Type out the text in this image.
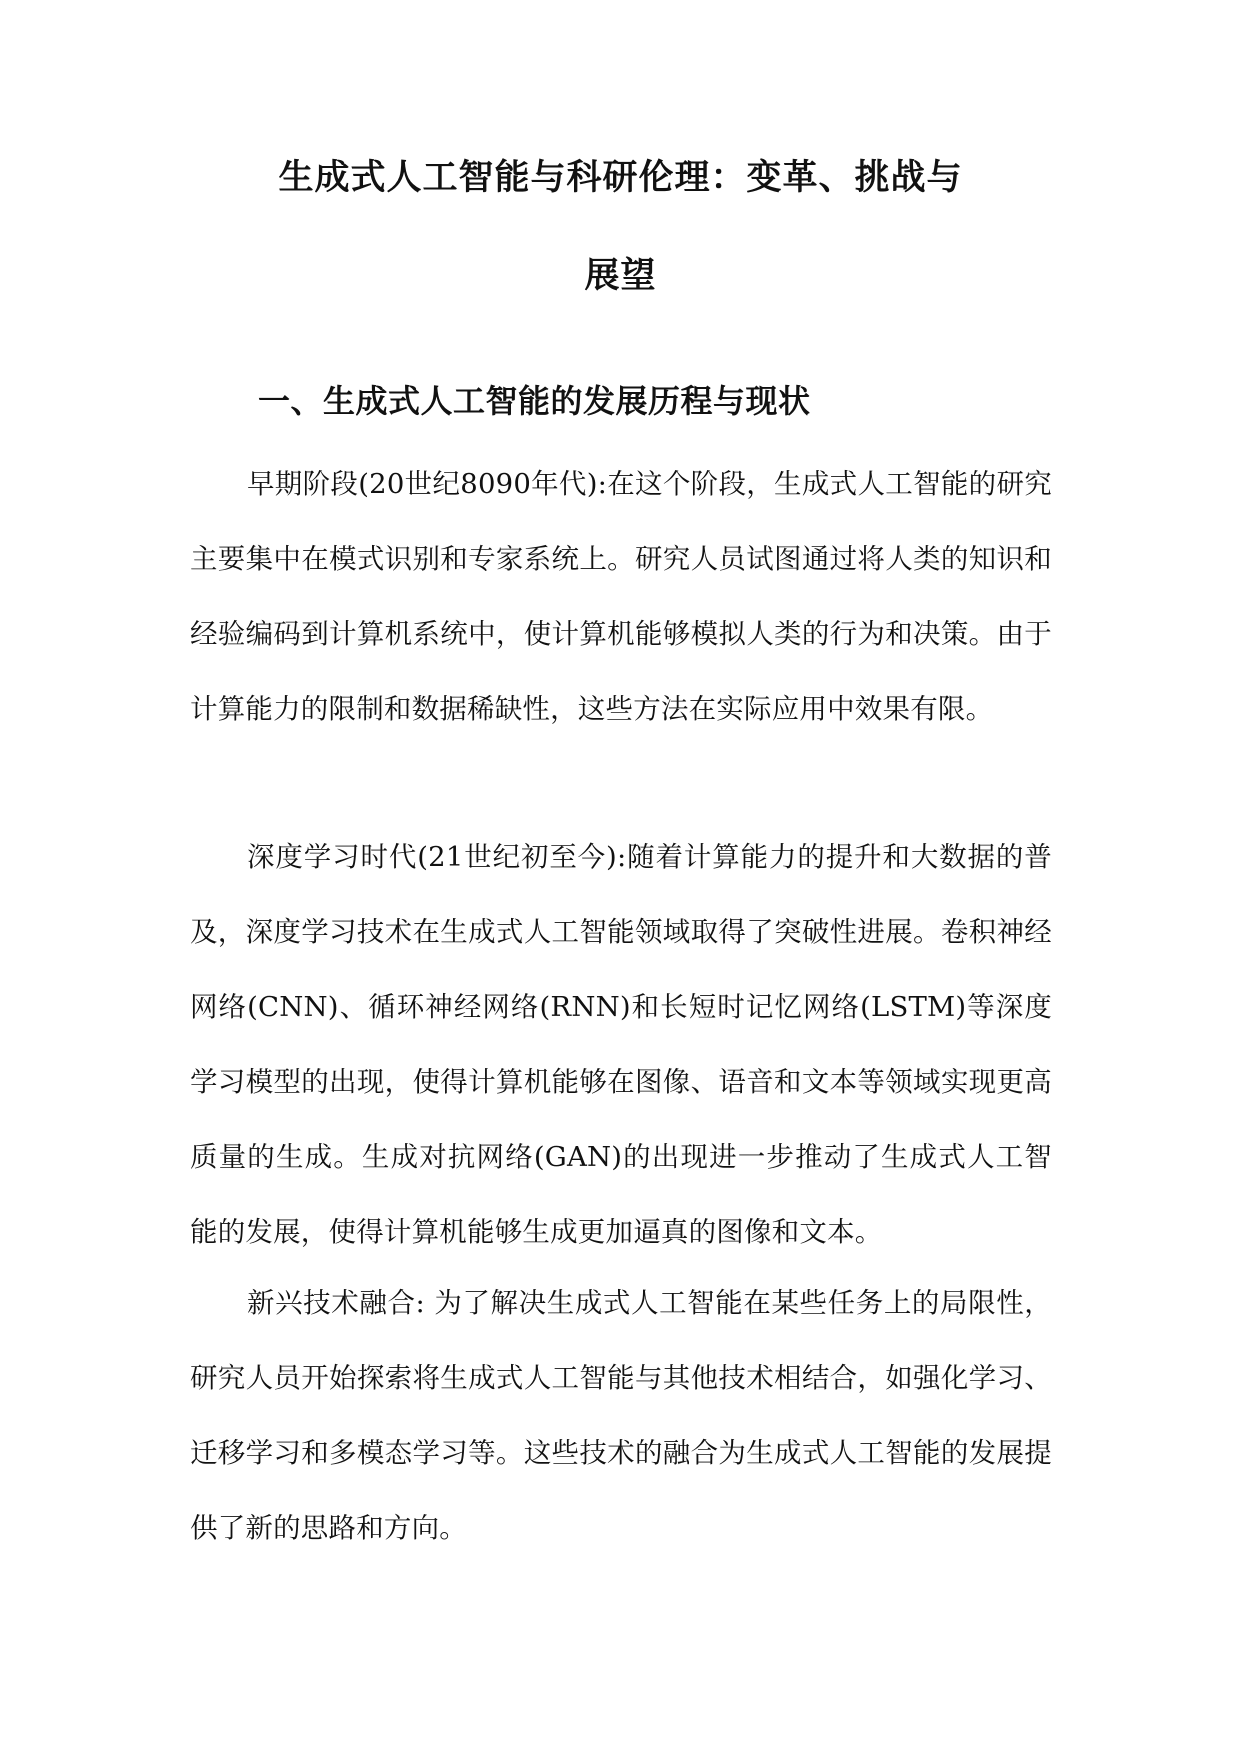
生成式人工智能与科研伦理：变革、挑战与
展望
一、生成式人工智能的发展历程与现状

早期阶段(20世纪8090年代):在这个阶段，生成式人工智能的研究主要集中在模式识别和专家系统上。研究人员试图通过将人类的知识和经验编码到计算机系统中，使计算机能够模拟人类的行为和决策。由于计算能力的限制和数据稀缺性，这些方法在实际应用中效果有限。

深度学习时代(21世纪初至今):随着计算能力的提升和大数据的普及，深度学习技术在生成式人工智能领域取得了突破性进展。卷积神经网络(CNN)、循环神经网络(RNN)和长短时记忆网络(LSTM)等深度学习模型的出现，使得计算机能够在图像、语音和文本等领域实现更高质量的生成。生成对抗网络(GAN)的出现进一步推动了生成式人工智能的发展，使得计算机能够生成更加逼真的图像和文本。

新兴技术融合: 为了解决生成式人工智能在某些任务上的局限性，研究人员开始探索将生成式人工智能与其他技术相结合，如强化学习、迁移学习和多模态学习等。这些技术的融合为生成式人工智能的发展提供了新的思路和方向。
